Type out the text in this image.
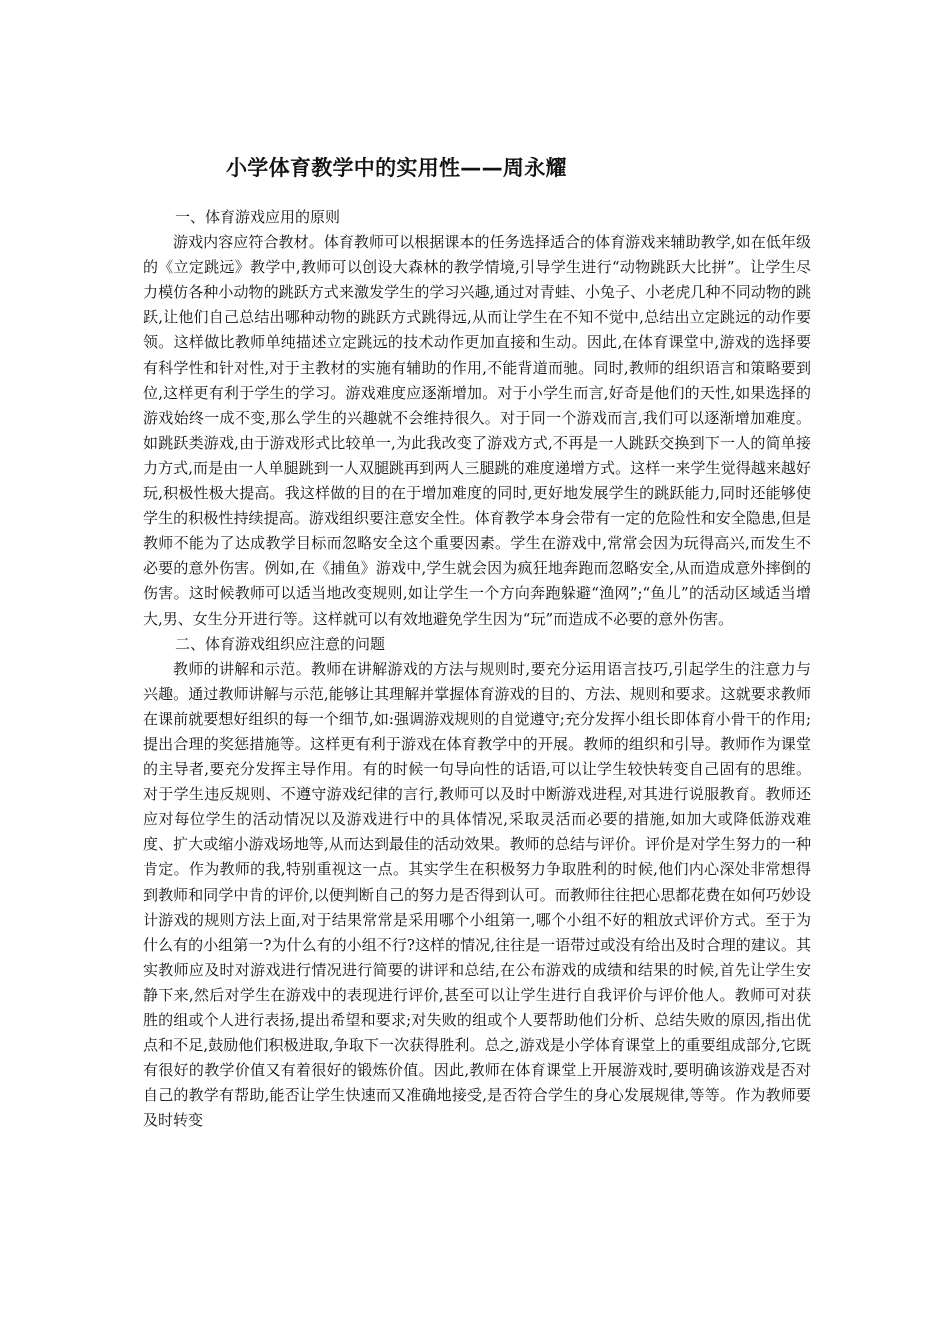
小学体育教学中的实用性——周永耀

一、体育游戏应用的原则

游戏内容应符合教材。体育教师可以根据课本的任务选择适合的体育游戏来辅助教学,如在低年级的《立定跳远》教学中,教师可以创设大森林的教学情境,引导学生进行“动物跳跃大比拼”。让学生尽力模仿各种小动物的跳跃方式来激发学生的学习兴趣,通过对青蛙、小兔子、小老虎几种不同动物的跳跃,让他们自己总结出哪种动物的跳跃方式跳得远,从而让学生在不知不觉中,总结出立定跳远的动作要领。这样做比教师单纯描述立定跳远的技术动作更加直接和生动。因此,在体育课堂中,游戏的选择要有科学性和针对性,对于主教材的实施有辅助的作用,不能背道而驰。同时,教师的组织语言和策略要到位,这样更有利于学生的学习。游戏难度应逐渐增加。对于小学生而言,好奇是他们的天性,如果选择的游戏始终一成不变,那么学生的兴趣就不会维持很久。对于同一个游戏而言,我们可以逐渐增加难度。如跳跃类游戏,由于游戏形式比较单一,为此我改变了游戏方式,不再是一人跳跃交换到下一人的简单接力方式,而是由一人单腿跳到一人双腿跳再到两人三腿跳的难度递增方式。这样一来学生觉得越来越好玩,积极性极大提高。我这样做的目的在于增加难度的同时,更好地发展学生的跳跃能力,同时还能够使学生的积极性持续提高。游戏组织要注意安全性。体育教学本身会带有一定的危险性和安全隐患,但是教师不能为了达成教学目标而忽略安全这个重要因素。学生在游戏中,常常会因为玩得高兴,而发生不必要的意外伤害。例如,在《捕鱼》游戏中,学生就会因为疯狂地奔跑而忽略安全,从而造成意外摔倒的伤害。这时候教师可以适当地改变规则,如让学生一个方向奔跑躲避“渔网”;“鱼儿”的活动区域适当增大,男、女生分开进行等。这样就可以有效地避免学生因为“玩”而造成不必要的意外伤害。

二、体育游戏组织应注意的问题

教师的讲解和示范。教师在讲解游戏的方法与规则时,要充分运用语言技巧,引起学生的注意力与兴趣。通过教师讲解与示范,能够让其理解并掌握体育游戏的目的、方法、规则和要求。这就要求教师在课前就要想好组织的每一个细节,如:强调游戏规则的自觉遵守;充分发挥小组长即体育小骨干的作用;提出合理的奖惩措施等。这样更有利于游戏在体育教学中的开展。教师的组织和引导。教师作为课堂的主导者,要充分发挥主导作用。有的时候一句导向性的话语,可以让学生较快转变自己固有的思维。对于学生违反规则、不遵守游戏纪律的言行,教师可以及时中断游戏进程,对其进行说服教育。教师还应对每位学生的活动情况以及游戏进行中的具体情况,采取灵活而必要的措施,如加大或降低游戏难度、扩大或缩小游戏场地等,从而达到最佳的活动效果。教师的总结与评价。评价是对学生努力的一种肯定。作为教师的我,特别重视这一点。其实学生在积极努力争取胜利的时候,他们内心深处非常想得到教师和同学中肯的评价,以便判断自己的努力是否得到认可。而教师往往把心思都花费在如何巧妙设计游戏的规则方法上面,对于结果常常是采用哪个小组第一,哪个小组不好的粗放式评价方式。至于为什么有的小组第一?为什么有的小组不行?这样的情况,往往是一语带过或没有给出及时合理的建议。其实教师应及时对游戏进行情况进行简要的讲评和总结,在公布游戏的成绩和结果的时候,首先让学生安静下来,然后对学生在游戏中的表现进行评价,甚至可以让学生进行自我评价与评价他人。教师可对获胜的组或个人进行表扬,提出希望和要求;对失败的组或个人要帮助他们分析、总结失败的原因,指出优点和不足,鼓励他们积极进取,争取下一次获得胜利。总之,游戏是小学体育课堂上的重要组成部分,它既有很好的教学价值又有着很好的锻炼价值。因此,教师在体育课堂上开展游戏时,要明确该游戏是否对自己的教学有帮助,能否让学生快速而又准确地接受,是否符合学生的身心发展规律,等等。作为教师要及时转变
